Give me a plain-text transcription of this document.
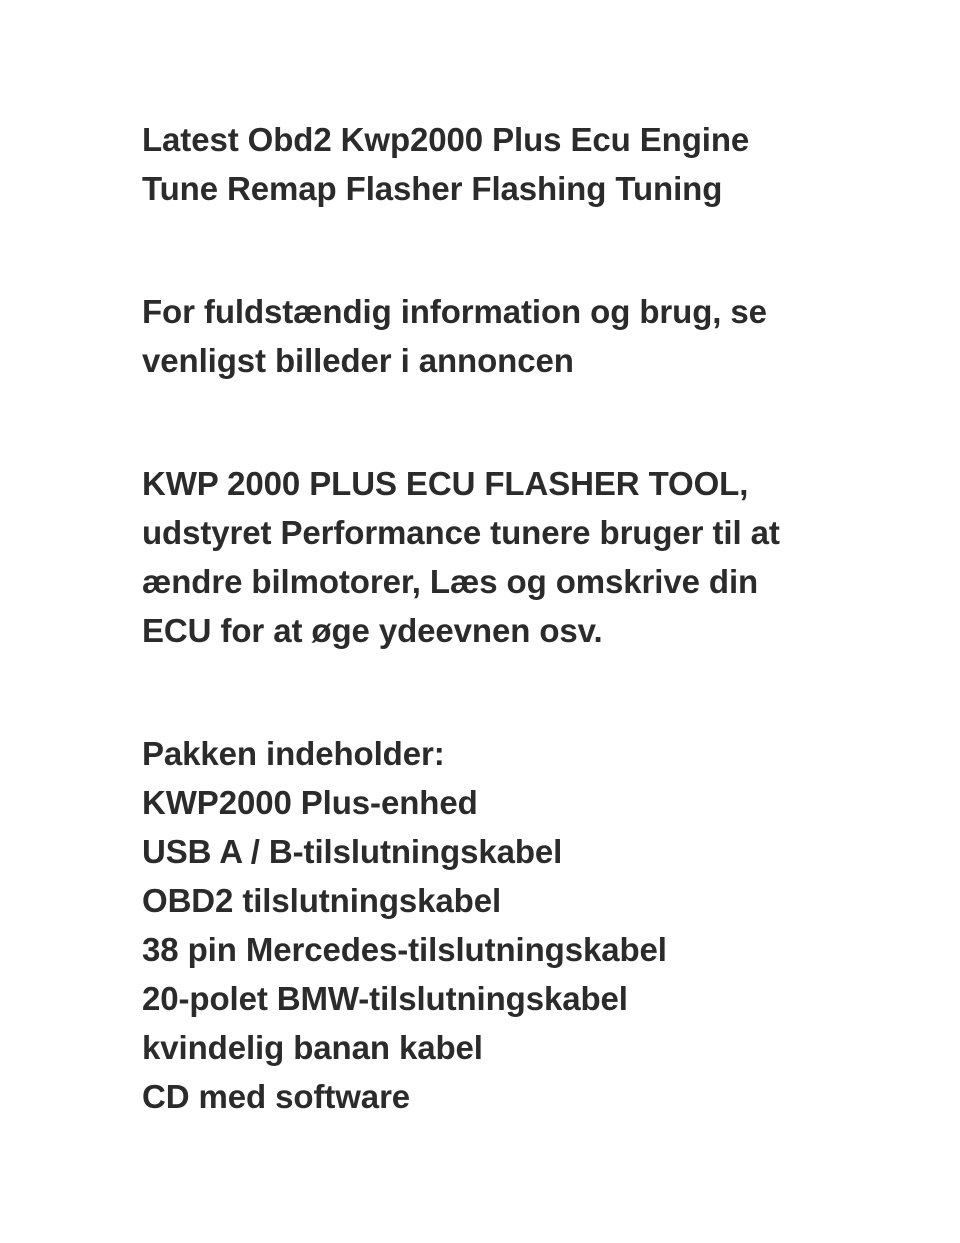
Latest Obd2 Kwp2000 Plus Ecu Engine
Tune Remap Flasher Flashing Tuning
For fuldstændig information og brug, se
venligst billeder i annoncen
KWP 2000 PLUS ECU FLASHER TOOL,
udstyret Performance tunere bruger til at
ændre bilmotorer, Læs og omskrive din
ECU for at øge ydeevnen osv.
Pakken indeholder:
KWP2000 Plus-enhed
USB A / B-tilslutningskabel
OBD2 tilslutningskabel
38 pin Mercedes-tilslutningskabel
20-polet BMW-tilslutningskabel
kvindelig banan kabel
CD med software
